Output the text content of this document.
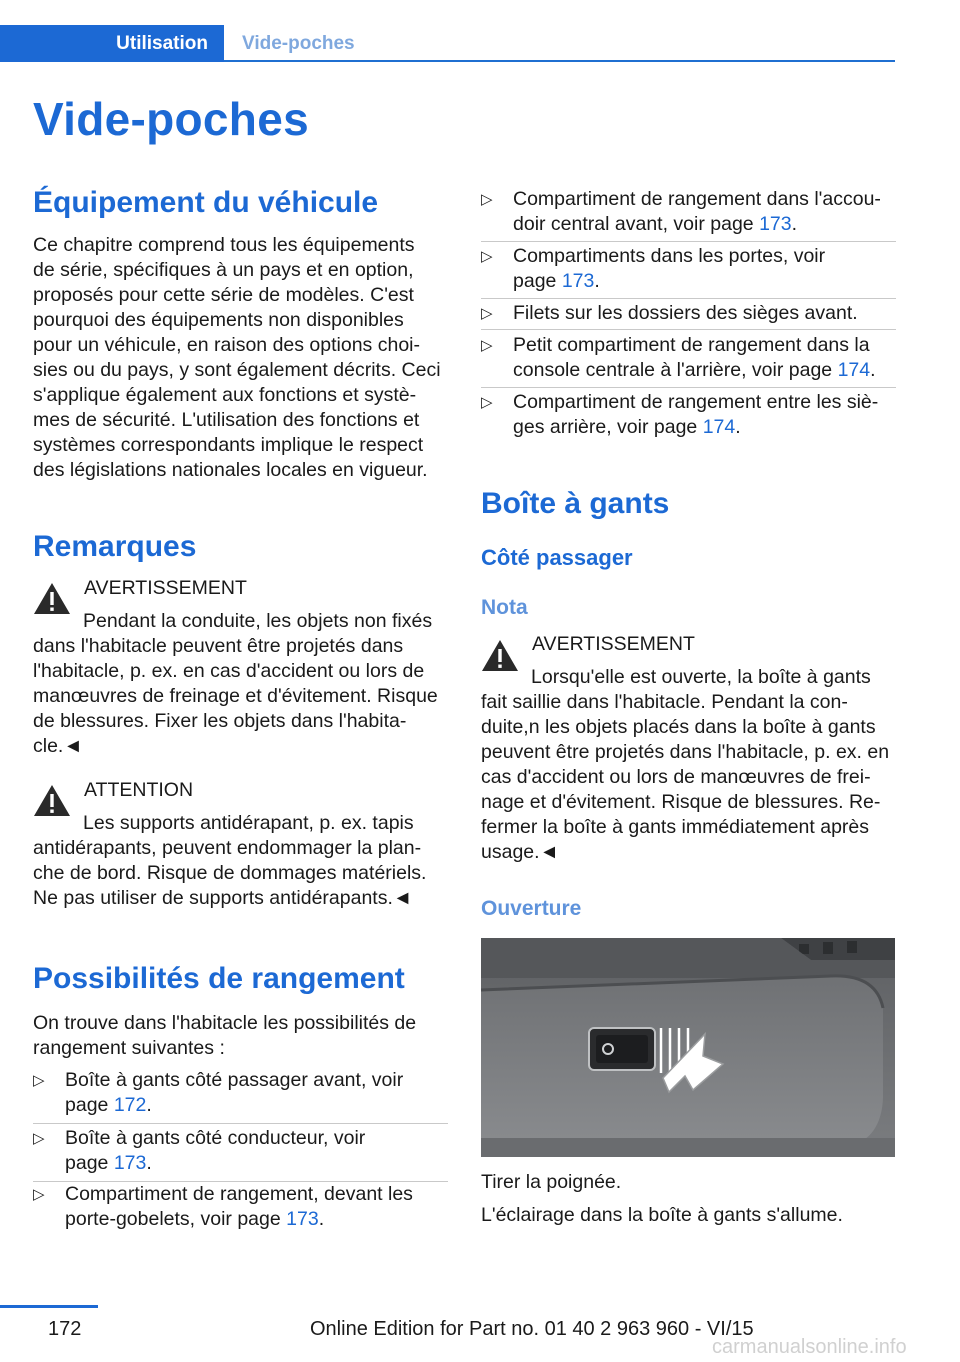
Utilisation	Vide-poches
Vide-poches
Équipement du véhicule
Ce chapitre comprend tous les équipements
de série, spécifiques à un pays et en option,
proposés pour cette série de modèles. C'est
pourquoi des équipements non disponibles
pour un véhicule, en raison des options choi‐
sies ou du pays, y sont également décrits. Ceci
s'applique également aux fonctions et systè‐
mes de sécurité. L'utilisation des fonctions et
systèmes correspondants implique le respect
des législations nationales locales en vigueur.
Remarques
AVERTISSEMENT
Pendant la conduite, les objets non fixés
dans l'habitacle peuvent être projetés dans
l'habitacle, p. ex. en cas d'accident ou lors de
manœuvres de freinage et d'évitement. Risque
de blessures. Fixer les objets dans l'habita‐
cle.◄
ATTENTION
Les supports antidérapant, p. ex. tapis
antidérapants, peuvent endommager la plan‐
che de bord. Risque de dommages matériels.
Ne pas utiliser de supports antidérapants.◄
Possibilités de rangement
On trouve dans l'habitacle les possibilités de
rangement suivantes :
▷ Boîte à gants côté passager avant, voir
page 172.
▷ Boîte à gants côté conducteur, voir
page 173.
▷ Compartiment de rangement, devant les
porte-gobelets, voir page 173.
▷ Compartiment de rangement dans l'accou‐
doir central avant, voir page 173.
▷ Compartiments dans les portes, voir
page 173.
▷ Filets sur les dossiers des sièges avant.
▷ Petit compartiment de rangement dans la
console centrale à l'arrière, voir page 174.
▷ Compartiment de rangement entre les siè‐
ges arrière, voir page 174.
Boîte à gants
Côté passager
Nota
AVERTISSEMENT
Lorsqu'elle est ouverte, la boîte à gants
fait saillie dans l'habitacle. Pendant la con‐
duite,n les objets placés dans la boîte à gants
peuvent être projetés dans l'habitacle, p. ex. en
cas d'accident ou lors de manœuvres de frei‐
nage et d'évitement. Risque de blessures. Re‐
fermer la boîte à gants immédiatement après
usage.◄
Ouverture
Tirer la poignée.
L'éclairage dans la boîte à gants s'allume.
172	Online Edition for Part no. 01 40 2 963 960 - VI/15
carmanualsonline.info
